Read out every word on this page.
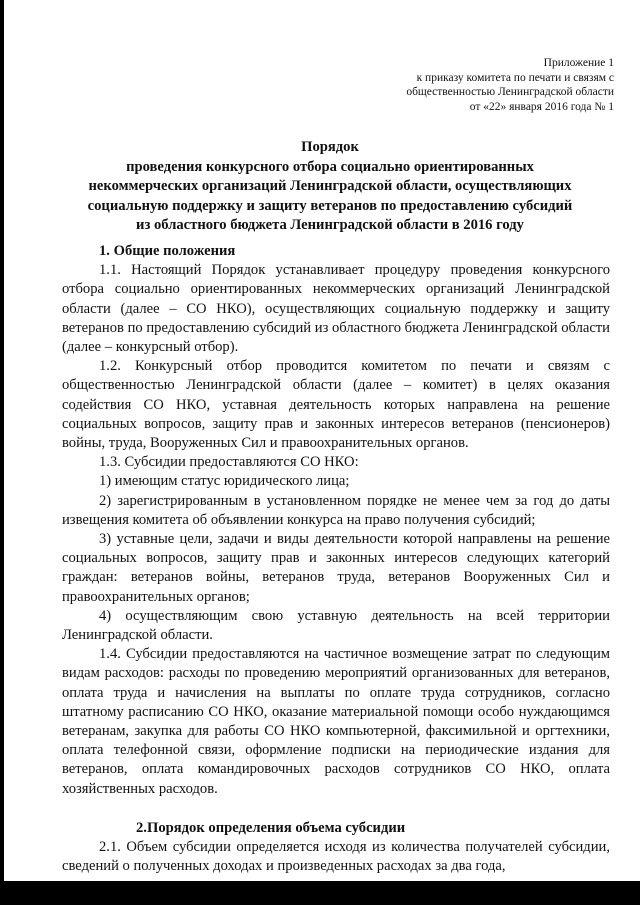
Приложение 1
к приказу комитета по печати и связям с
общественностью Ленинградской области
от «22» января 2016 года № 1
Порядок
проведения конкурсного отбора социально ориентированных
некоммерческих организаций Ленинградской области, осуществляющих
социальную поддержку и защиту ветеранов по предоставлению субсидий
из областного бюджета Ленинградской области в 2016 году

1. Общие положения

1.1. Настоящий Порядок устанавливает процедуру проведения конкурсного отбора социально ориентированных некоммерческих организаций Ленинградской области (далее – СО НКО), осуществляющих социальную поддержку и защиту ветеранов по предоставлению субсидий из областного бюджета Ленинградской области (далее – конкурсный отбор).

1.2. Конкурсный отбор проводится комитетом по печати и связям с общественностью Ленинградской области (далее – комитет) в целях оказания содействия СО НКО, уставная деятельность которых направлена на решение социальных вопросов, защиту прав и законных интересов ветеранов (пенсионеров) войны, труда, Вооруженных Сил и правоохранительных органов.

1.3. Субсидии предоставляются СО НКО:

1) имеющим статус юридического лица;

2) зарегистрированным в установленном порядке не менее чем за год до даты извещения комитета об объявлении конкурса на право получения субсидий;

3) уставные цели, задачи и виды деятельности которой направлены на решение социальных вопросов, защиту прав и законных интересов следующих категорий граждан: ветеранов войны, ветеранов труда, ветеранов Вооруженных Сил и правоохранительных органов;

4) осуществляющим свою уставную деятельность на всей территории Ленинградской области.

1.4. Субсидии предоставляются на частичное возмещение затрат по следующим видам расходов: расходы по проведению мероприятий организованных для ветеранов, оплата труда и начисления на выплаты по оплате труда сотрудников, согласно штатному расписанию СО НКО, оказание материальной помощи особо нуждающимся ветеранам, закупка для работы СО НКО компьютерной, факсимильной и оргтехники, оплата телефонной связи, оформление подписки на периодические издания для ветеранов, оплата командировочных расходов сотрудников СО НКО, оплата хозяйственных расходов.

2.Порядок определения объема субсидии

2.1. Объем субсидии определяется исходя из количества получателей субсидии, сведений о полученных доходах и произведенных расходах за два года,
